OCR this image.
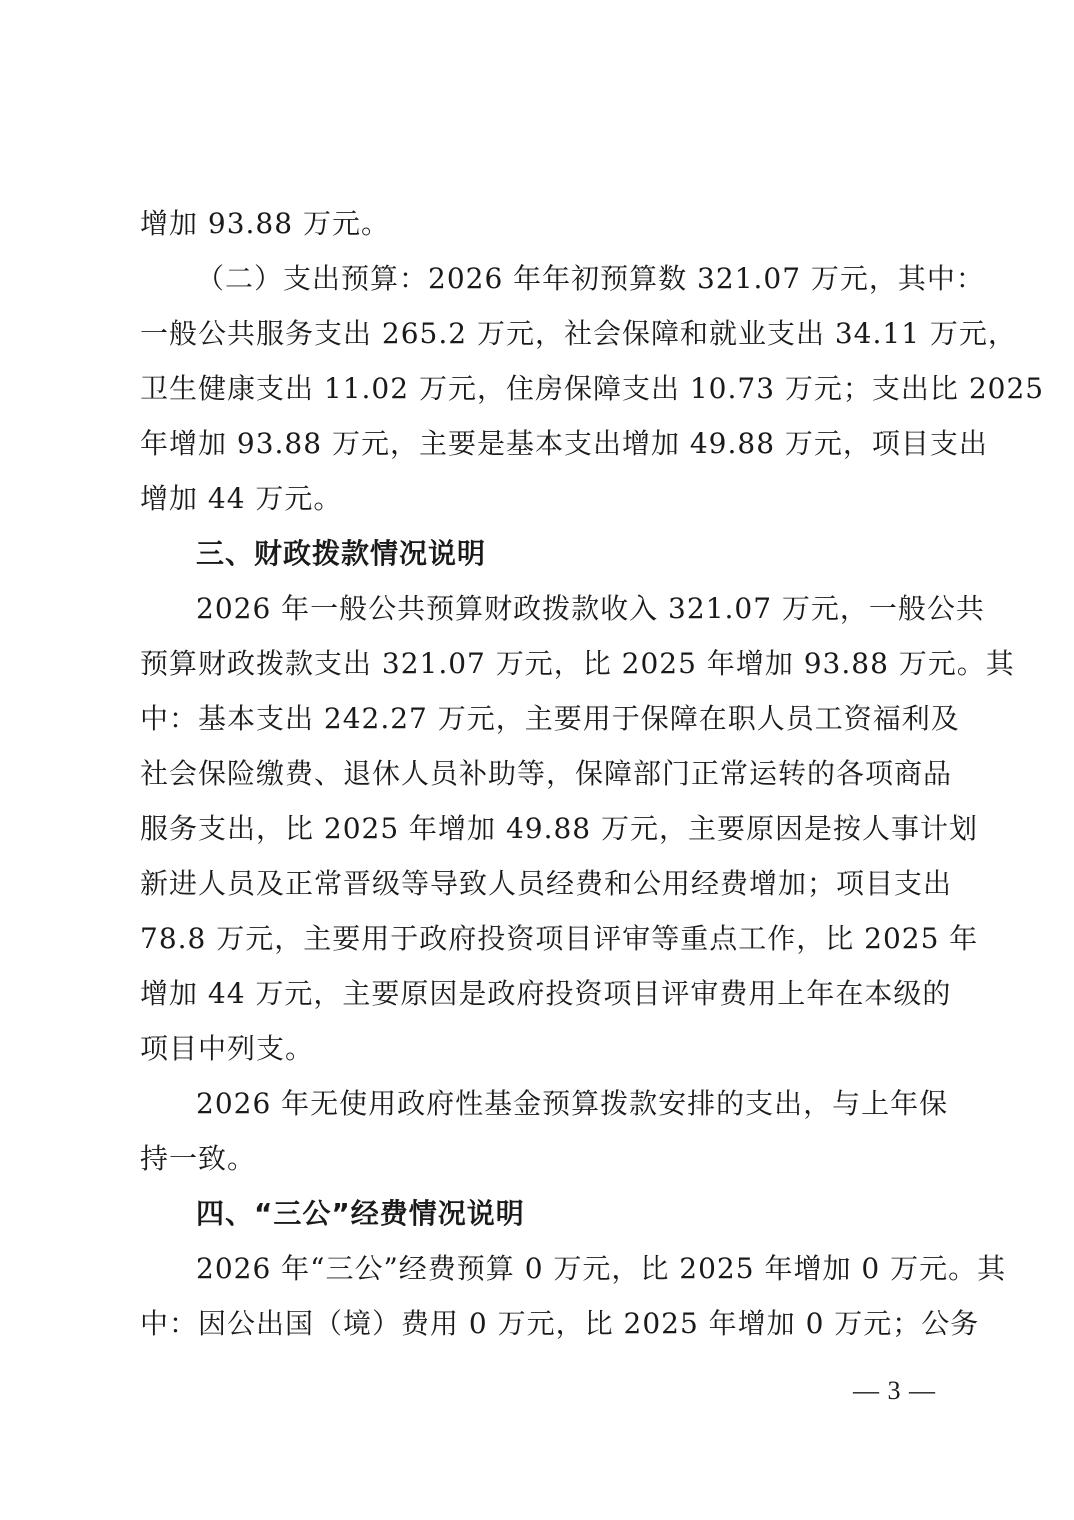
增加 93.88 万元。
（二）支出预算：2026 年年初预算数 321.07 万元，其中：
一般公共服务支出 265.2 万元，社会保障和就业支出 34.11 万元，
卫生健康支出 11.02 万元，住房保障支出 10.73 万元；支出比 2025
年增加 93.88 万元，主要是基本支出增加 49.88 万元，项目支出
增加 44 万元。
三、财政拨款情况说明
2026 年一般公共预算财政拨款收入 321.07 万元，一般公共
预算财政拨款支出 321.07 万元，比 2025 年增加 93.88 万元。其
中：基本支出 242.27 万元，主要用于保障在职人员工资福利及
社会保险缴费、退休人员补助等，保障部门正常运转的各项商品
服务支出，比 2025 年增加 49.88 万元，主要原因是按人事计划
新进人员及正常晋级等导致人员经费和公用经费增加；项目支出
78.8 万元，主要用于政府投资项目评审等重点工作，比 2025 年
增加 44 万元，主要原因是政府投资项目评审费用上年在本级的
项目中列支。
2026 年无使用政府性基金预算拨款安排的支出，与上年保
持一致。
四、“三公”经费情况说明
2026 年“三公”经费预算 0 万元，比 2025 年增加 0 万元。其
中：因公出国（境）费用 0 万元，比 2025 年增加 0 万元；公务
— 3 —
